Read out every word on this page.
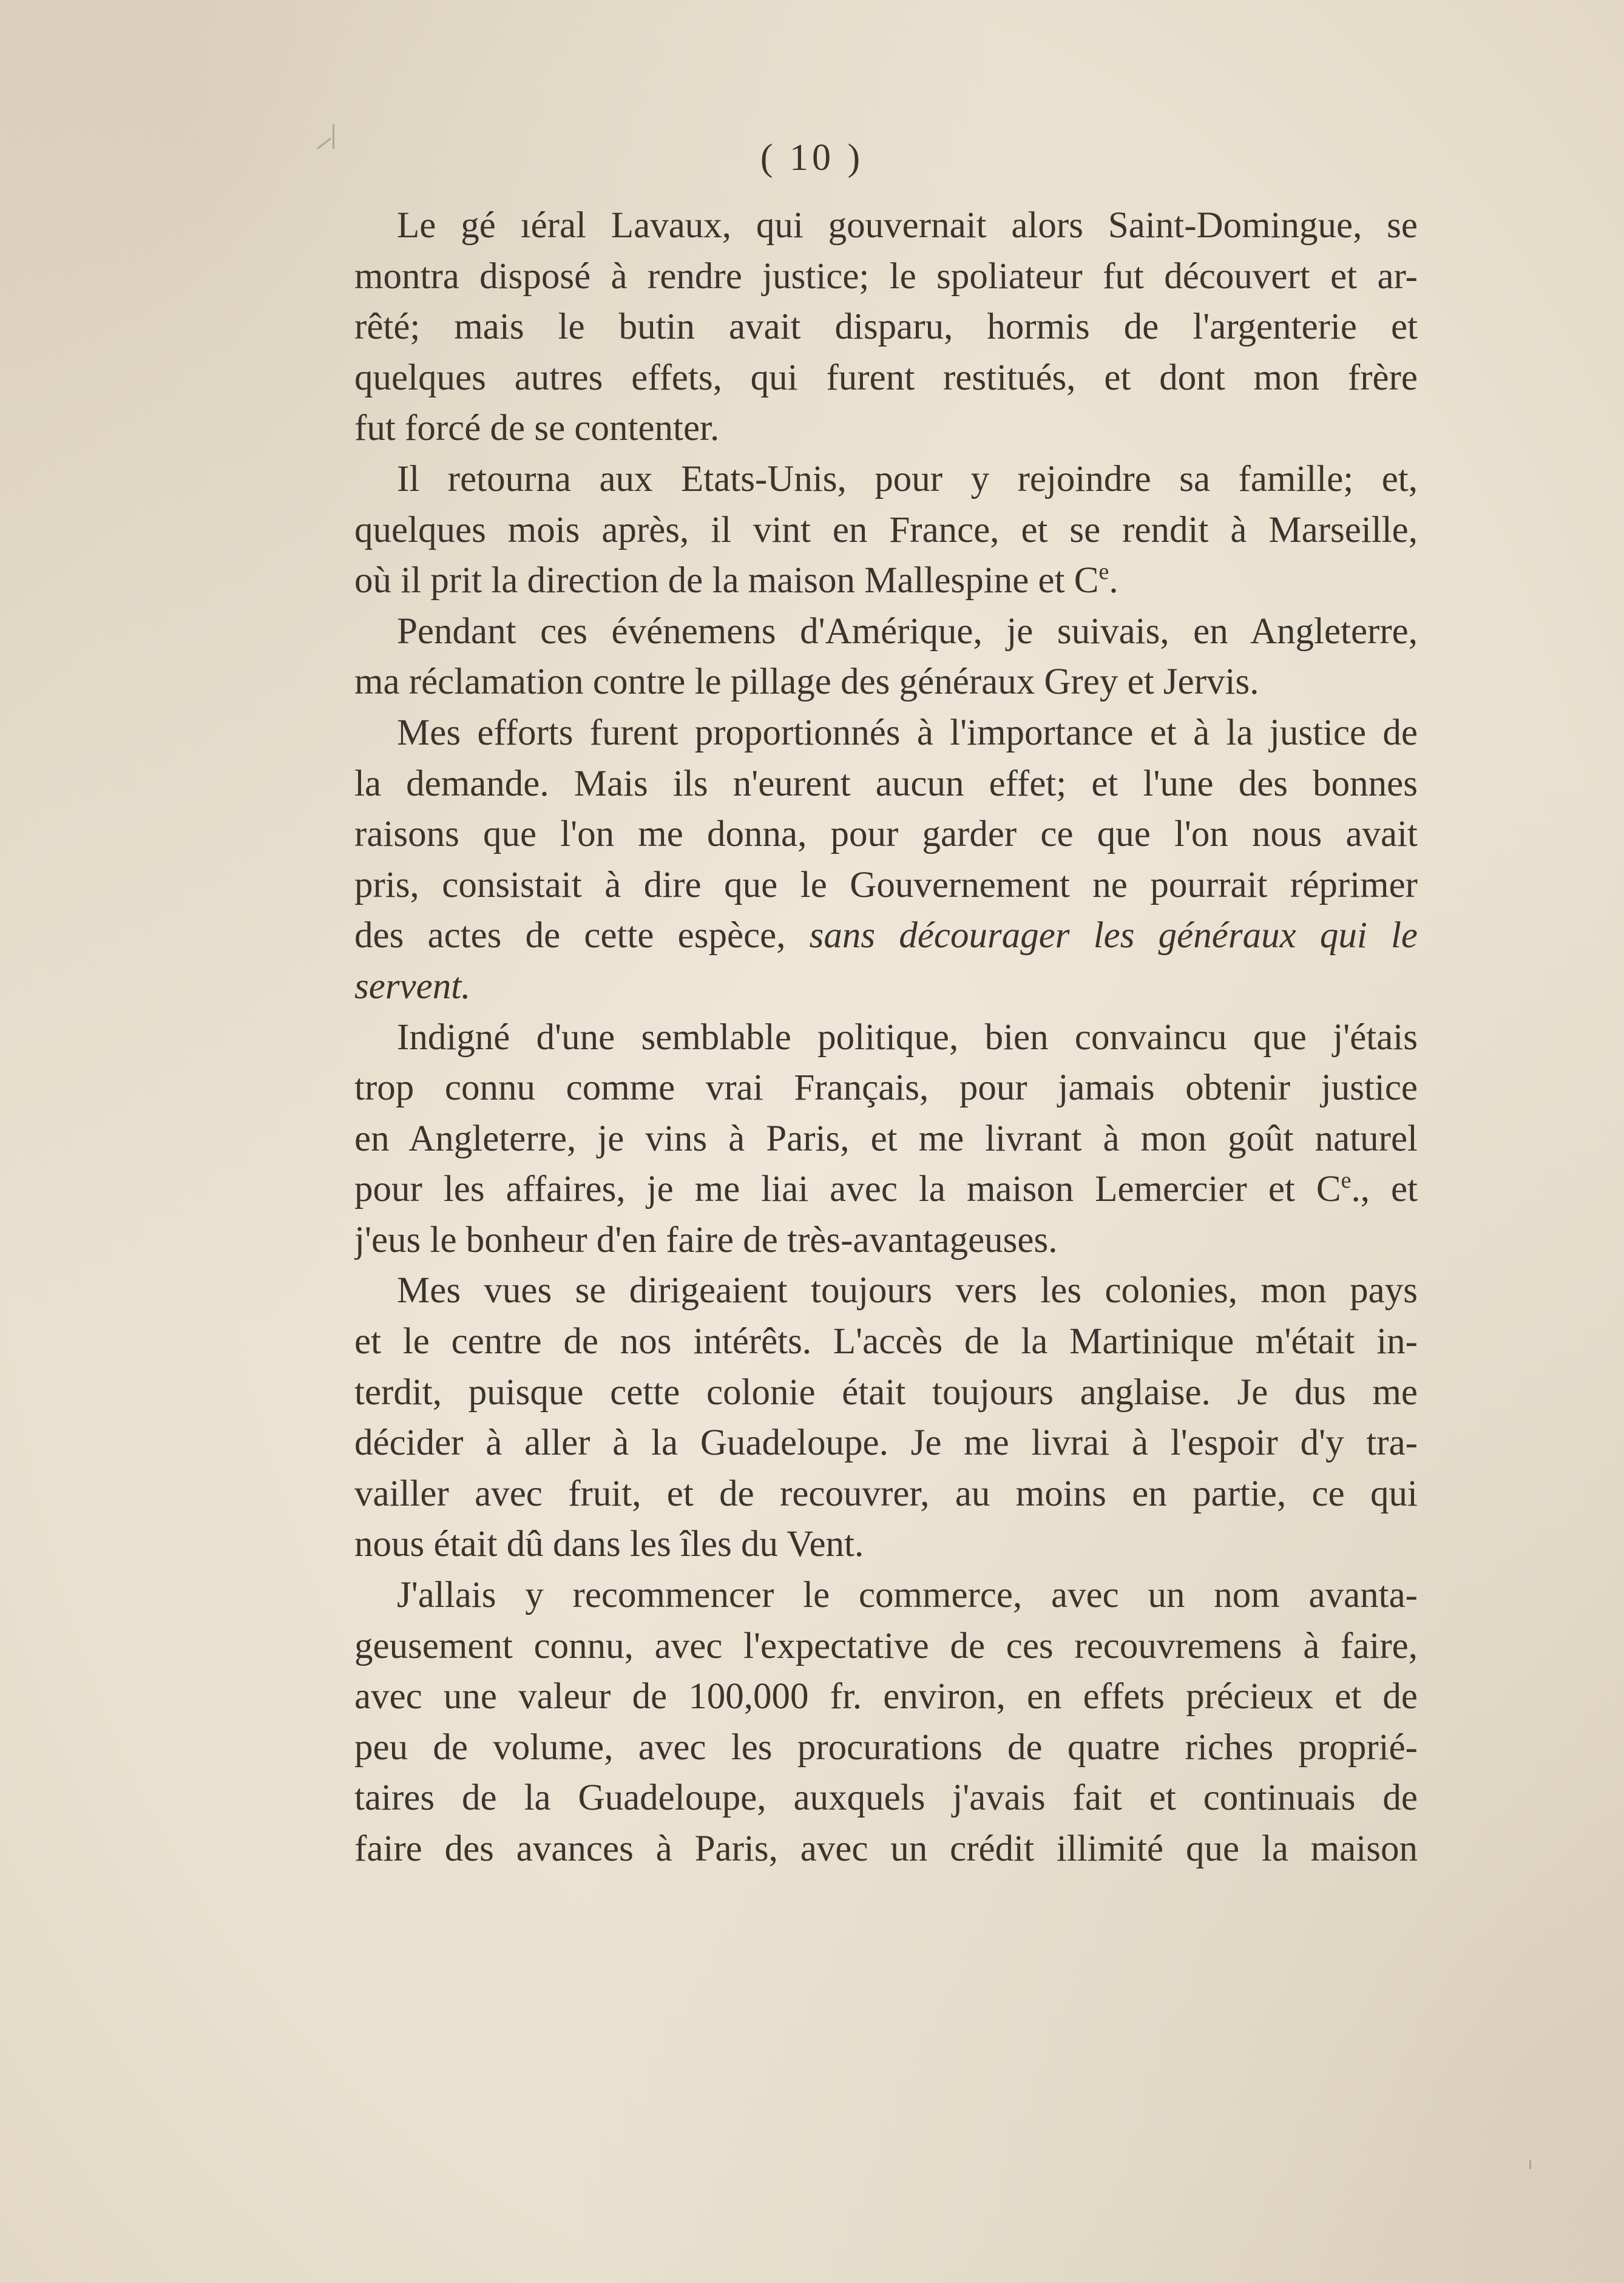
( 10 )
Le gé ıéral Lavaux, qui gouvernait alors Saint-Domingue, se
montra disposé à rendre justice; le spoliateur fut découvert et ar-
rêté; mais le butin avait disparu, hormis de l'argenterie et
quelques autres effets, qui furent restitués, et dont mon frère
fut forcé de se contenter.
Il retourna aux Etats-Unis, pour y rejoindre sa famille; et,
quelques mois après, il vint en France, et se rendit à Marseille,
où il prit la direction de la maison Mallespine et Ce.
Pendant ces événemens d'Amérique, je suivais, en Angleterre,
ma réclamation contre le pillage des généraux Grey et Jervis.
Mes efforts furent proportionnés à l'importance et à la justice de
la demande. Mais ils n'eurent aucun effet; et l'une des bonnes
raisons que l'on me donna, pour garder ce que l'on nous avait
pris, consistait à dire que le Gouvernement ne pourrait réprimer
des actes de cette espèce, sans décourager les généraux qui le
servent.
Indigné d'une semblable politique, bien convaincu que j'étais
trop connu comme vrai Français, pour jamais obtenir justice
en Angleterre, je vins à Paris, et me livrant à mon goût naturel
pour les affaires, je me liai avec la maison Lemercier et Ce., et
j'eus le bonheur d'en faire de très-avantageuses.
Mes vues se dirigeaient toujours vers les colonies, mon pays
et le centre de nos intérêts. L'accès de la Martinique m'était in-
terdit, puisque cette colonie était toujours anglaise. Je dus me
décider à aller à la Guadeloupe. Je me livrai à l'espoir d'y tra-
vailler avec fruit, et de recouvrer, au moins en partie, ce qui
nous était dû dans les îles du Vent.
J'allais y recommencer le commerce, avec un nom avanta-
geusement connu, avec l'expectative de ces recouvremens à faire,
avec une valeur de 100,000 fr. environ, en effets précieux et de
peu de volume, avec les procurations de quatre riches proprié-
taires de la Guadeloupe, auxquels j'avais fait et continuais de
faire des avances à Paris, avec un crédit illimité que la maison
